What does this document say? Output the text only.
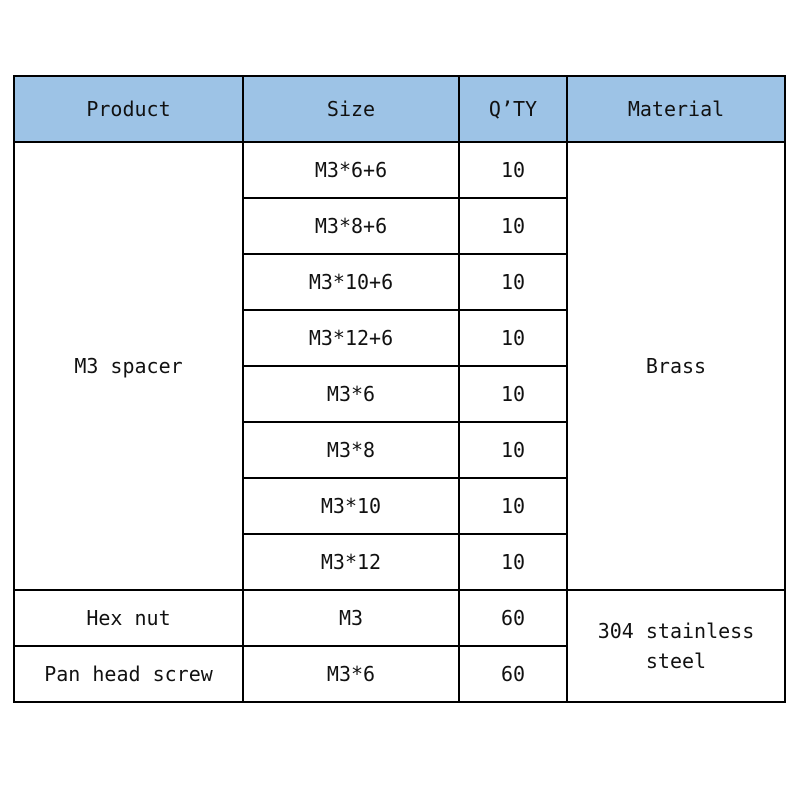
Product	Size	Q’TY	Material
M3 spacer	M3*6+6	10	Brass
	M3*8+6	10	
	M3*10+6	10	
	M3*12+6	10	
	M3*6	10	
	M3*8	10	
	M3*10	10	
	M3*12	10	
Hex nut	M3	60	304 stainless steel
Pan head screw	M3*6	60	
